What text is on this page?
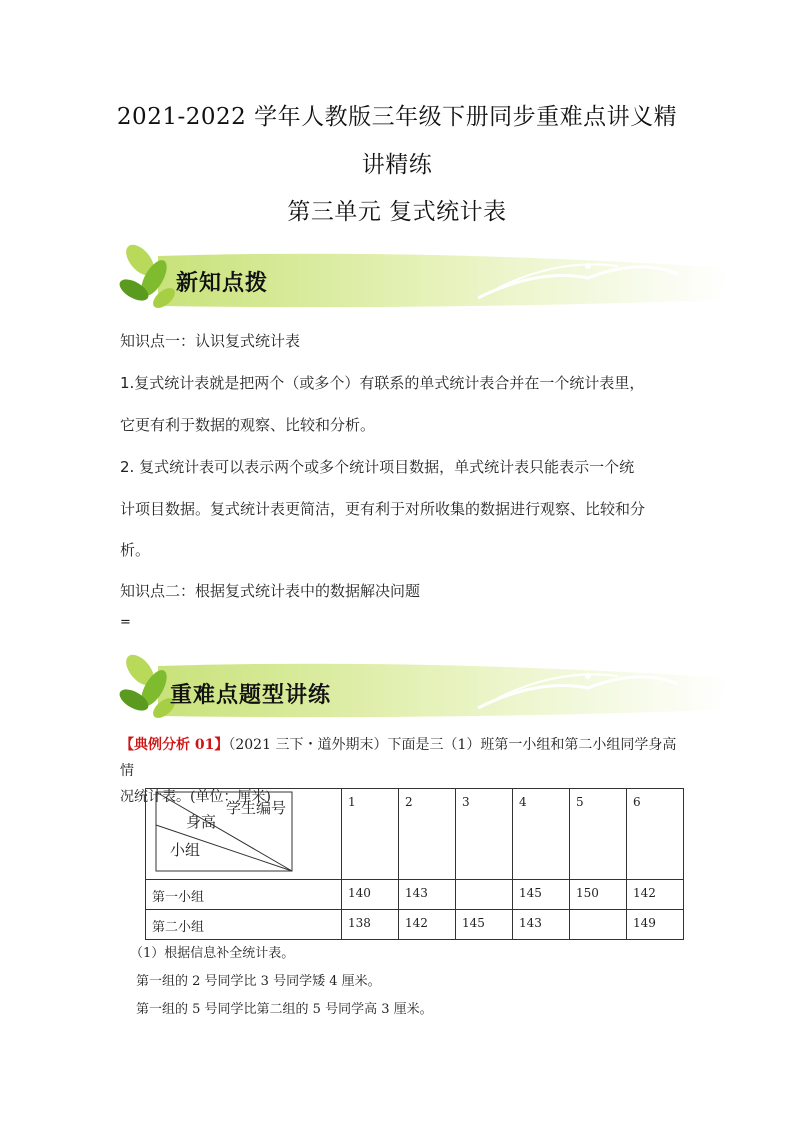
2021-2022 学年人教版三年级下册同步重难点讲义精
讲精练
第三单元 复式统计表
新知点拨
知识点一：认识复式统计表
1.复式统计表就是把两个（或多个）有联系的单式统计表合并在一个统计表里，
它更有利于数据的观察、比较和分析。
2. 复式统计表可以表示两个或多个统计项目数据，单式统计表只能表示一个统
计项目数据。复式统计表更简洁，更有利于对所收集的数据进行观察、比较和分
析。
知识点二：根据复式统计表中的数据解决问题
=
重难点题型讲练
【典例分析 01】（2021 三下・道外期末）下面是三（1）班第一小组和第二小组同学身高情
况统计表。(单位：厘米)
学生编号
身高
小组	1	2	3	4	5	6
第一小组	140	143		145	150	142
第二小组	138	142	145	143		149
（1）根据信息补全统计表。
第一组的 2 号同学比 3 号同学矮 4 厘米。
第一组的 5 号同学比第二组的 5 号同学高 3 厘米。
